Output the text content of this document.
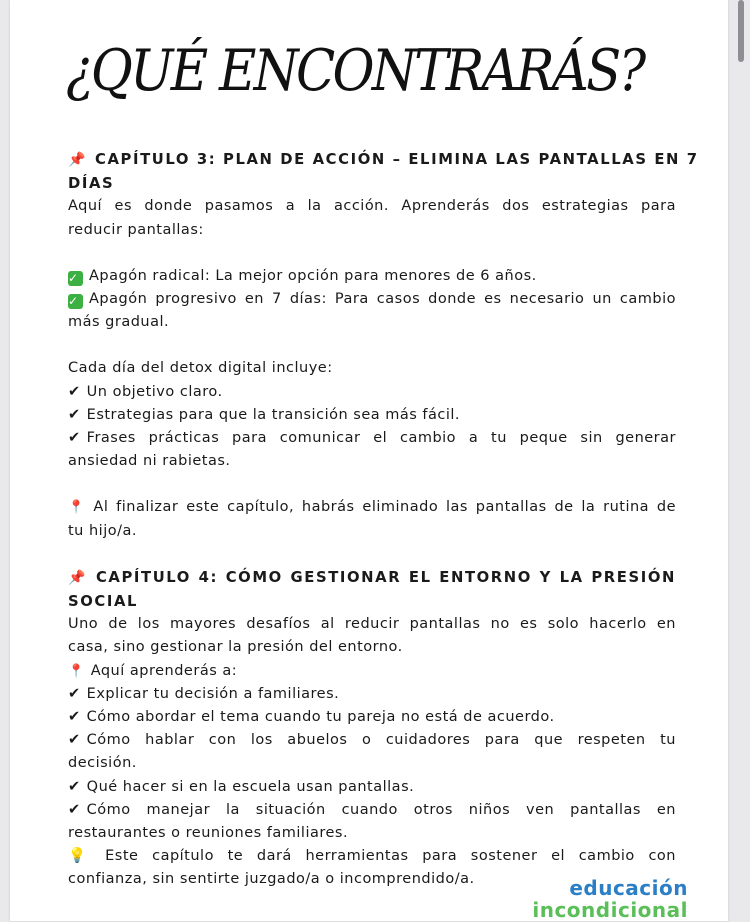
¿QUÉ ENCONTRARÁS?
📌 CAPÍTULO 3: PLAN DE ACCIÓN – ELIMINA LAS PANTALLAS EN 7
DÍAS
Aquí es donde pasamos a la acción. Aprenderás dos estrategias para
reducir pantallas:
✓ Apagón radical: La mejor opción para menores de 6 años.
✓ Apagón progresivo en 7 días: Para casos donde es necesario un cambio
más gradual.
Cada día del detox digital incluye:
✔ Un objetivo claro.
✔ Estrategias para que la transición sea más fácil.
✔ Frases prácticas para comunicar el cambio a tu peque sin generar
ansiedad ni rabietas.
📍 Al finalizar este capítulo, habrás eliminado las pantallas de la rutina de
tu hijo/a.
📌 CAPÍTULO 4: CÓMO GESTIONAR EL ENTORNO Y LA PRESIÓN
SOCIAL
Uno de los mayores desafíos al reducir pantallas no es solo hacerlo en
casa, sino gestionar la presión del entorno.
📍 Aquí aprenderás a:
✔ Explicar tu decisión a familiares.
✔ Cómo abordar el tema cuando tu pareja no está de acuerdo.
✔ Cómo hablar con los abuelos o cuidadores para que respeten tu
decisión.
✔ Qué hacer si en la escuela usan pantallas.
✔ Cómo manejar la situación cuando otros niños ven pantallas en
restaurantes o reuniones familiares.
💡 Este capítulo te dará herramientas para sostener el cambio con
confianza, sin sentirte juzgado/a o incomprendido/a.	educación
incondicional
